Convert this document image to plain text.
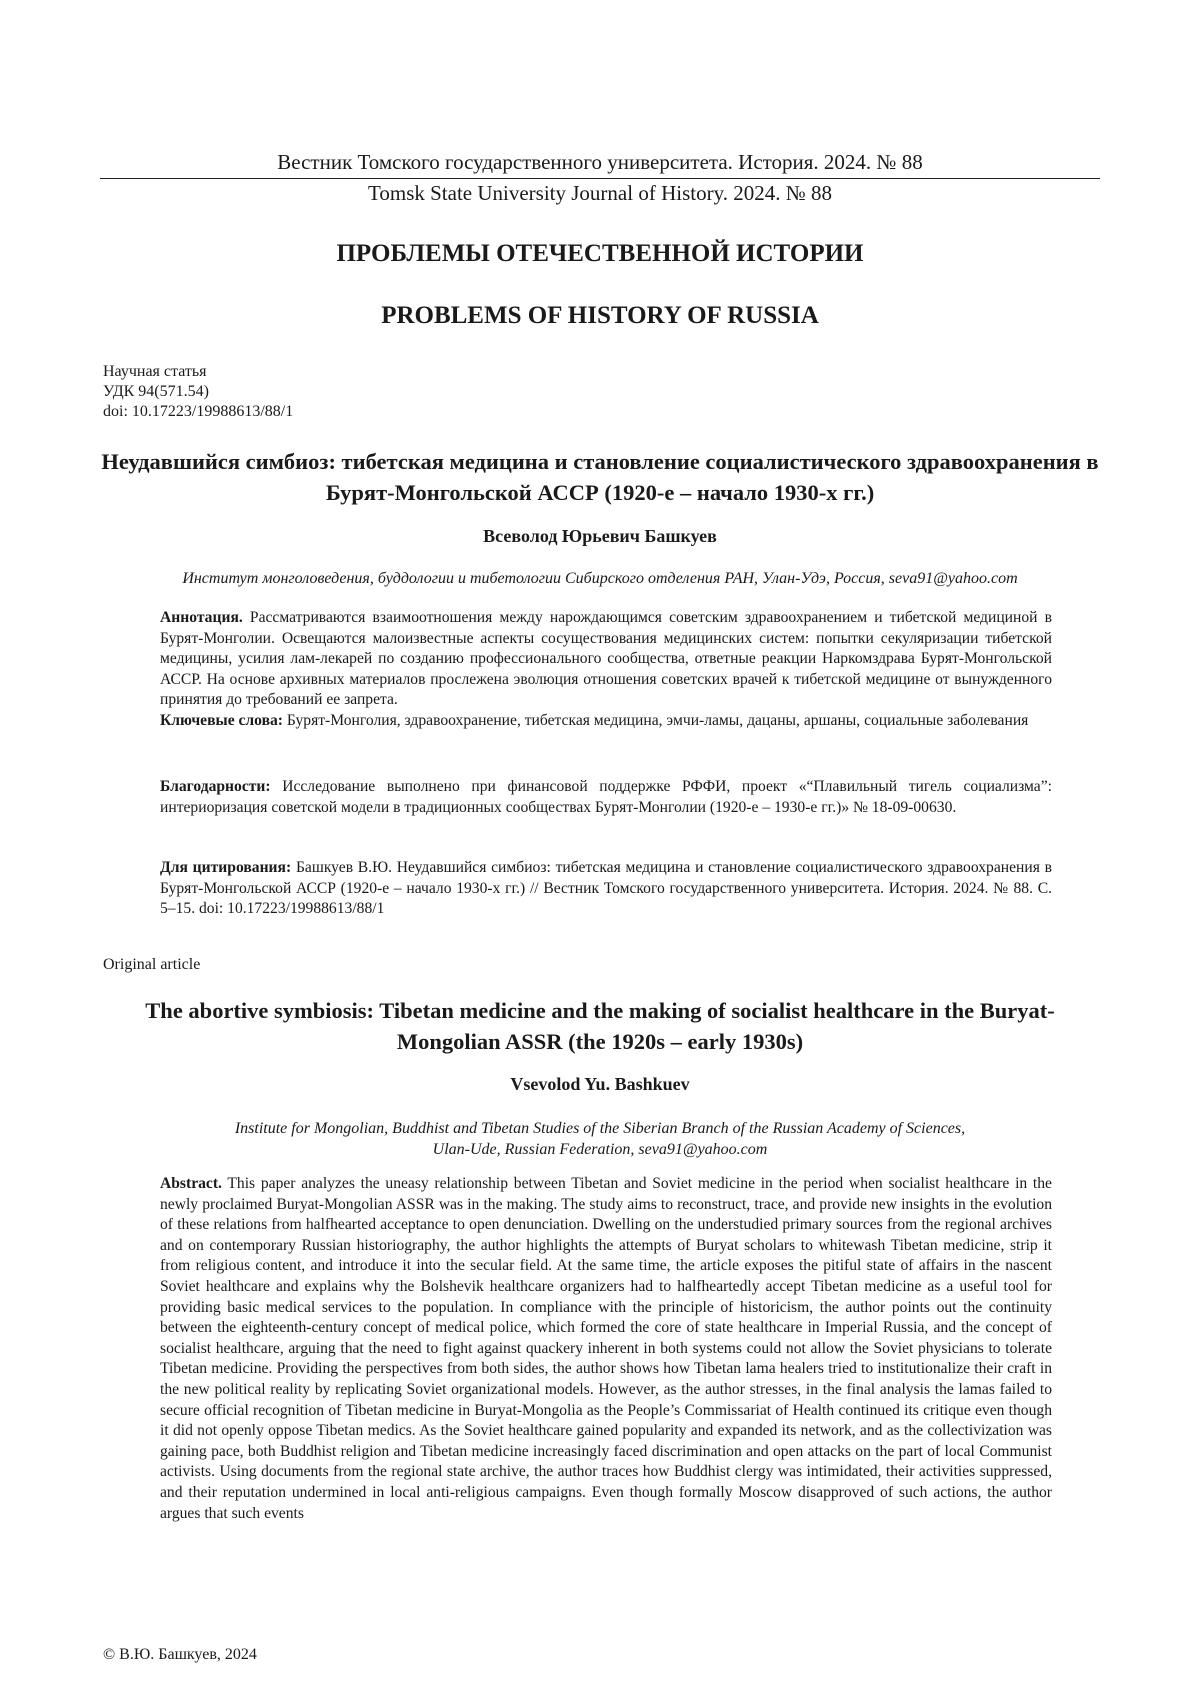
Вестник Томского государственного университета. История. 2024. № 88
Tomsk State University Journal of History. 2024. № 88
ПРОБЛЕМЫ ОТЕЧЕСТВЕННОЙ ИСТОРИИ
PROBLEMS OF HISTORY OF RUSSIA
Научная статья
УДК 94(571.54)
doi: 10.17223/19988613/88/1
Неудавшийся симбиоз: тибетская медицина и становление социалистического здравоохранения в Бурят-Монгольской АССР (1920-е – начало 1930-х гг.)
Всеволод Юрьевич Башкуев
Институт монголоведения, буддологии и тибетологии Сибирского отделения РАН, Улан-Удэ, Россия, seva91@yahoo.com
Аннотация. Рассматриваются взаимоотношения между нарождающимся советским здравоохранением и тибетской медициной в Бурят-Монголии. Освещаются малоизвестные аспекты сосуществования медицинских систем: попытки секуляризации тибетской медицины, усилия лам-лекарей по созданию профессионального сообщества, ответные реакции Наркомздрава Бурят-Монгольской АССР. На основе архивных материалов прослежена эволюция отношения советских врачей к тибетской медицине от вынужденного принятия до требований ее запрета.
Ключевые слова: Бурят-Монголия, здравоохранение, тибетская медицина, эмчи-ламы, дацаны, аршаны, социальные заболевания
Благодарности: Исследование выполнено при финансовой поддержке РФФИ, проект «“Плавильный тигель социализма”: интериоризация советской модели в традиционных сообществах Бурят-Монголии (1920-е – 1930-е гг.)» № 18-09-00630.
Для цитирования: Башкуев В.Ю. Неудавшийся симбиоз: тибетская медицина и становление социалистического здравоохранения в Бурят-Монгольской АССР (1920-е – начало 1930-х гг.) // Вестник Томского государственного университета. История. 2024. № 88. С. 5–15. doi: 10.17223/19988613/88/1
Original article
The abortive symbiosis: Tibetan medicine and the making of socialist healthcare in the Buryat-Mongolian ASSR (the 1920s – early 1930s)
Vsevolod Yu. Bashkuev
Institute for Mongolian, Buddhist and Tibetan Studies of the Siberian Branch of the Russian Academy of Sciences,
Ulan-Ude, Russian Federation, seva91@yahoo.com
Abstract. This paper analyzes the uneasy relationship between Tibetan and Soviet medicine in the period when socialist healthcare in the newly proclaimed Buryat-Mongolian ASSR was in the making. The study aims to reconstruct, trace, and provide new insights in the evolution of these relations from halfhearted acceptance to open denunciation. Dwelling on the understudied primary sources from the regional archives and on contemporary Russian historiography, the author highlights the attempts of Buryat scholars to whitewash Tibetan medicine, strip it from religious content, and introduce it into the secular field. At the same time, the article exposes the pitiful state of affairs in the nascent Soviet healthcare and explains why the Bolshevik healthcare organizers had to halfheartedly accept Tibetan medicine as a useful tool for providing basic medical services to the population. In compliance with the principle of historicism, the author points out the continuity between the eighteenth-century concept of medical police, which formed the core of state healthcare in Imperial Russia, and the concept of socialist healthcare, arguing that the need to fight against quackery inherent in both systems could not allow the Soviet physicians to tolerate Tibetan medicine. Providing the perspectives from both sides, the author shows how Tibetan lama healers tried to institutionalize their craft in the new political reality by replicating Soviet organizational models. However, as the author stresses, in the final analysis the lamas failed to secure official recognition of Tibetan medicine in Buryat-Mongolia as the People’s Commissariat of Health continued its critique even though it did not openly oppose Tibetan medics. As the Soviet healthcare gained popularity and expanded its network, and as the collectivization was gaining pace, both Buddhist religion and Tibetan medicine increasingly faced discrimination and open attacks on the part of local Communist activists. Using documents from the regional state archive, the author traces how Buddhist clergy was intimidated, their activities suppressed, and their reputation undermined in local anti-religious campaigns. Even though formally Moscow disapproved of such actions, the author argues that such events
© В.Ю. Башкуев, 2024
